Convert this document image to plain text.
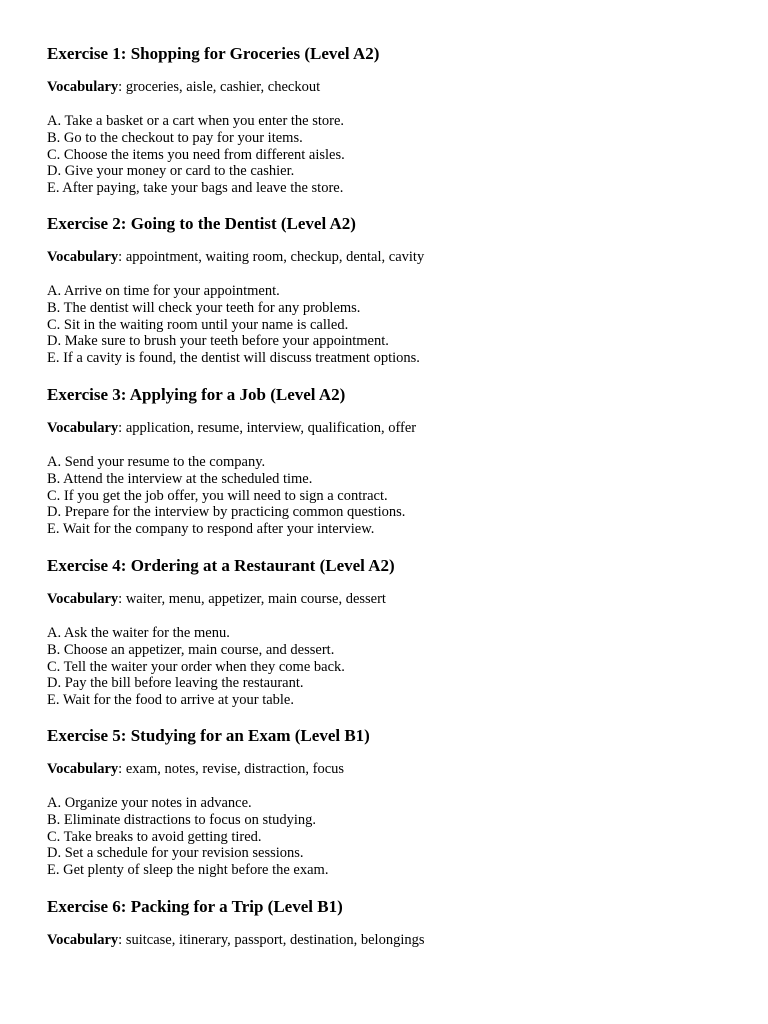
Exercise 1: Shopping for Groceries (Level A2)

Vocabulary: groceries, aisle, cashier, checkout

A. Take a basket or a cart when you enter the store.
B. Go to the checkout to pay for your items.
C. Choose the items you need from different aisles.
D. Give your money or card to the cashier.
E. After paying, take your bags and leave the store.
Exercise 2: Going to the Dentist (Level A2)

Vocabulary: appointment, waiting room, checkup, dental, cavity

A. Arrive on time for your appointment.
B. The dentist will check your teeth for any problems.
C. Sit in the waiting room until your name is called.
D. Make sure to brush your teeth before your appointment.
E. If a cavity is found, the dentist will discuss treatment options.
Exercise 3: Applying for a Job (Level A2)

Vocabulary: application, resume, interview, qualification, offer

A. Send your resume to the company.
B. Attend the interview at the scheduled time.
C. If you get the job offer, you will need to sign a contract.
D. Prepare for the interview by practicing common questions.
E. Wait for the company to respond after your interview.
Exercise 4: Ordering at a Restaurant (Level A2)

Vocabulary: waiter, menu, appetizer, main course, dessert

A. Ask the waiter for the menu.
B. Choose an appetizer, main course, and dessert.
C. Tell the waiter your order when they come back.
D. Pay the bill before leaving the restaurant.
E. Wait for the food to arrive at your table.
Exercise 5: Studying for an Exam (Level B1)

Vocabulary: exam, notes, revise, distraction, focus

A. Organize your notes in advance.
B. Eliminate distractions to focus on studying.
C. Take breaks to avoid getting tired.
D. Set a schedule for your revision sessions.
E. Get plenty of sleep the night before the exam.
Exercise 6: Packing for a Trip (Level B1)

Vocabulary: suitcase, itinerary, passport, destination, belongings
